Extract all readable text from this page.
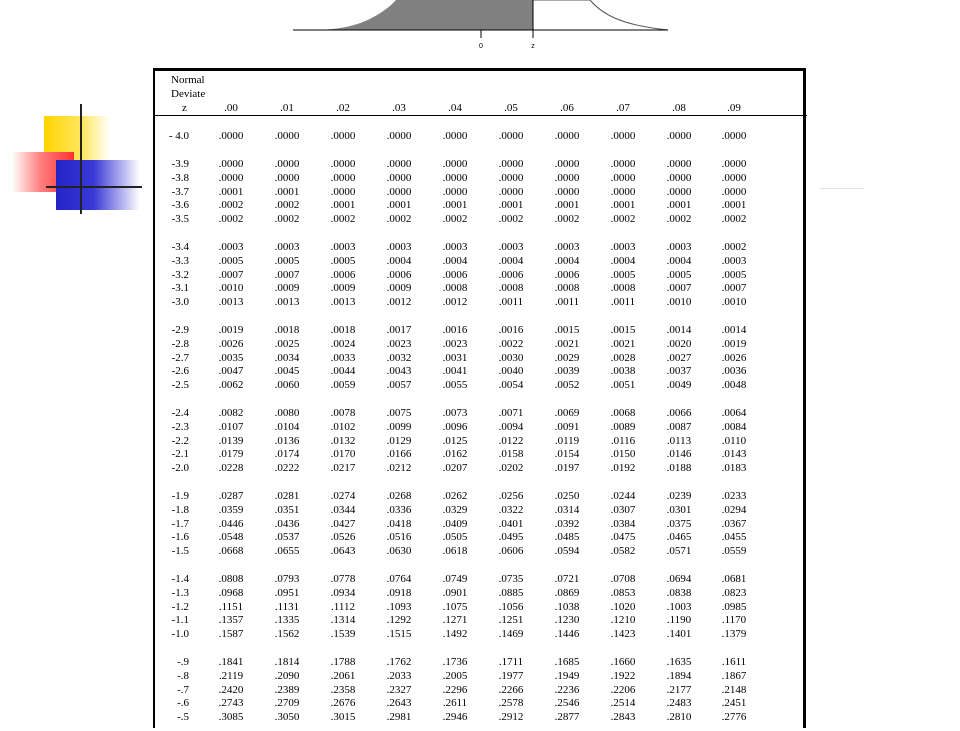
0	z
Normal
Deviate
z	.00	.01	.02	.03	.04	.05	.06	.07	.08	.09
- 4.0	.0000	.0000	.0000	.0000	.0000	.0000	.0000	.0000	.0000	.0000
-3.9	.0000	.0000	.0000	.0000	.0000	.0000	.0000	.0000	.0000	.0000
-3.8	.0000	.0000	.0000	.0000	.0000	.0000	.0000	.0000	.0000	.0000
-3.7	.0001	.0001	.0000	.0000	.0000	.0000	.0000	.0000	.0000	.0000
-3.6	.0002	.0002	.0001	.0001	.0001	.0001	.0001	.0001	.0001	.0001
-3.5	.0002	.0002	.0002	.0002	.0002	.0002	.0002	.0002	.0002	.0002
-3.4	.0003	.0003	.0003	.0003	.0003	.0003	.0003	.0003	.0003	.0002
-3.3	.0005	.0005	.0005	.0004	.0004	.0004	.0004	.0004	.0004	.0003
-3.2	.0007	.0007	.0006	.0006	.0006	.0006	.0006	.0005	.0005	.0005
-3.1	.0010	.0009	.0009	.0009	.0008	.0008	.0008	.0008	.0007	.0007
-3.0	.0013	.0013	.0013	.0012	.0012	.0011	.0011	.0011	.0010	.0010
-2.9	.0019	.0018	.0018	.0017	.0016	.0016	.0015	.0015	.0014	.0014
-2.8	.0026	.0025	.0024	.0023	.0023	.0022	.0021	.0021	.0020	.0019
-2.7	.0035	.0034	.0033	.0032	.0031	.0030	.0029	.0028	.0027	.0026
-2.6	.0047	.0045	.0044	.0043	.0041	.0040	.0039	.0038	.0037	.0036
-2.5	.0062	.0060	.0059	.0057	.0055	.0054	.0052	.0051	.0049	.0048
-2.4	.0082	.0080	.0078	.0075	.0073	.0071	.0069	.0068	.0066	.0064
-2.3	.0107	.0104	.0102	.0099	.0096	.0094	.0091	.0089	.0087	.0084
-2.2	.0139	.0136	.0132	.0129	.0125	.0122	.0119	.0116	.0113	.0110
-2.1	.0179	.0174	.0170	.0166	.0162	.0158	.0154	.0150	.0146	.0143
-2.0	.0228	.0222	.0217	.0212	.0207	.0202	.0197	.0192	.0188	.0183
-1.9	.0287	.0281	.0274	.0268	.0262	.0256	.0250	.0244	.0239	.0233
-1.8	.0359	.0351	.0344	.0336	.0329	.0322	.0314	.0307	.0301	.0294
-1.7	.0446	.0436	.0427	.0418	.0409	.0401	.0392	.0384	.0375	.0367
-1.6	.0548	.0537	.0526	.0516	.0505	.0495	.0485	.0475	.0465	.0455
-1.5	.0668	.0655	.0643	.0630	.0618	.0606	.0594	.0582	.0571	.0559
-1.4	.0808	.0793	.0778	.0764	.0749	.0735	.0721	.0708	.0694	.0681
-1.3	.0968	.0951	.0934	.0918	.0901	.0885	.0869	.0853	.0838	.0823
-1.2	.1151	.1131	.1112	.1093	.1075	.1056	.1038	.1020	.1003	.0985
-1.1	.1357	.1335	.1314	.1292	.1271	.1251	.1230	.1210	.1190	.1170
-1.0	.1587	.1562	.1539	.1515	.1492	.1469	.1446	.1423	.1401	.1379
-.9	.1841	.1814	.1788	.1762	.1736	.1711	.1685	.1660	.1635	.1611
-.8	.2119	.2090	.2061	.2033	.2005	.1977	.1949	.1922	.1894	.1867
-.7	.2420	.2389	.2358	.2327	.2296	.2266	.2236	.2206	.2177	.2148
-.6	.2743	.2709	.2676	.2643	.2611	.2578	.2546	.2514	.2483	.2451
-.5	.3085	.3050	.3015	.2981	.2946	.2912	.2877	.2843	.2810	.2776
